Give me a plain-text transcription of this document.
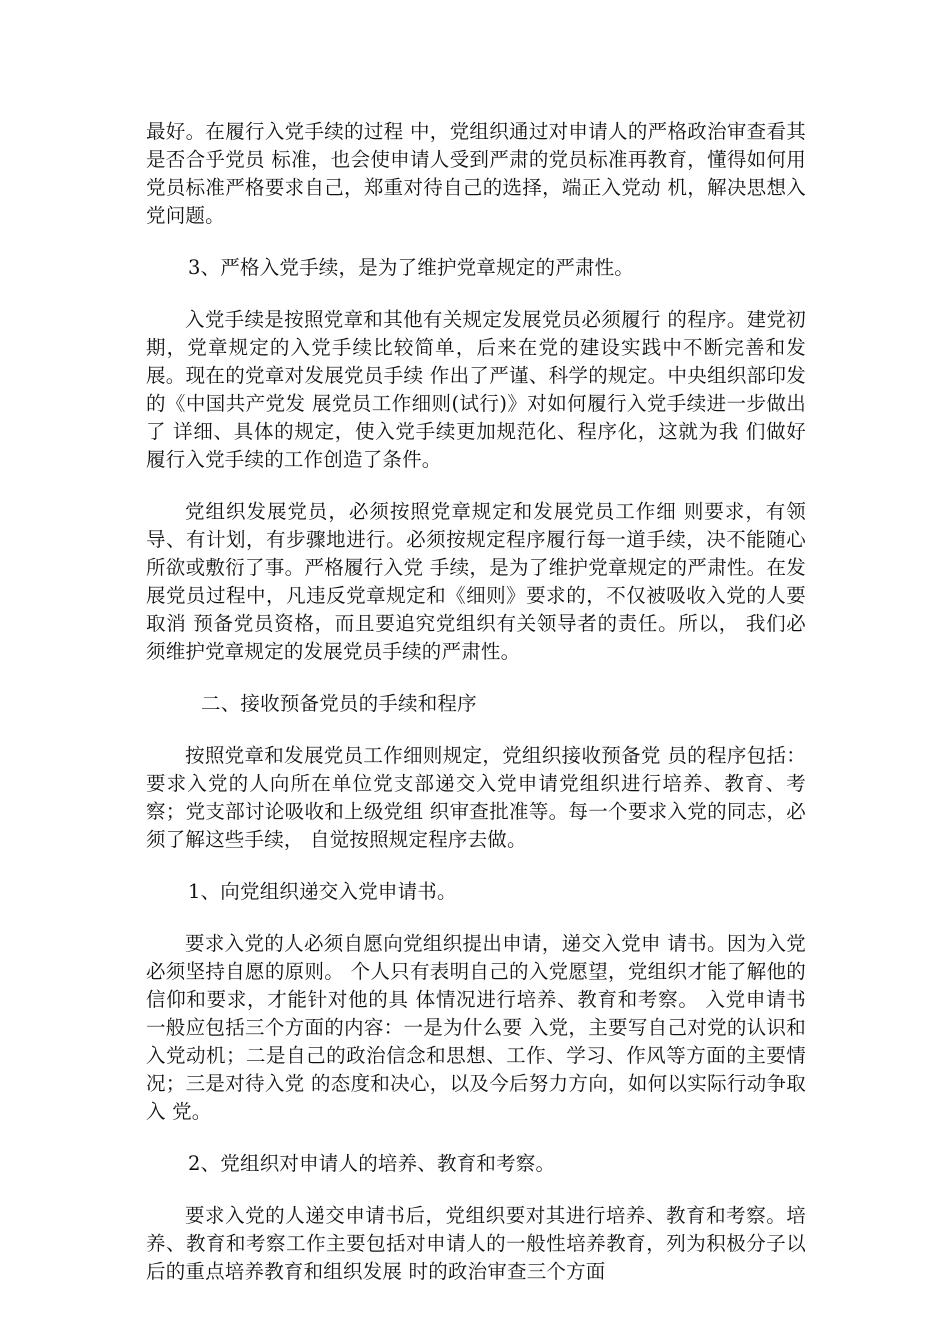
最好。在履行入党手续的过程 中，党组织通过对申请人的严格政治审查看其是否合乎党员 标准，也会使申请人受到严肃的党员标准再教育，懂得如何用党员标准严格要求自己，郑重对待自己的选择，端正入党动 机，解决思想入党问题。

3、严格入党手续，是为了维护党章规定的严肃性。

入党手续是按照党章和其他有关规定发展党员必须履行 的程序。建党初期，党章规定的入党手续比较简单，后来在党的建设实践中不断完善和发展。现在的党章对发展党员手续 作出了严谨、科学的规定。中央组织部印发的《中国共产党发 展党员工作细则(试行)》对如何履行入党手续进一步做出了 详细、具体的规定，使入党手续更加规范化、程序化，这就为我 们做好履行入党手续的工作创造了条件。

党组织发展党员，必须按照党章规定和发展党员工作细 则要求，有领导、有计划，有步骤地进行。必须按规定程序履行每一道手续，决不能随心所欲或敷衍了事。严格履行入党 手续，是为了维护党章规定的严肃性。在发展党员过程中，凡违反党章规定和《细则》要求的，不仅被吸收入党的人要取消 预备党员资格，而且要追究党组织有关领导者的责任。所以， 我们必须维护党章规定的发展党员手续的严肃性。

二、接收预备党员的手续和程序

按照党章和发展党员工作细则规定，党组织接收预备党 员的程序包括：要求入党的人向所在单位党支部递交入党申请党组织进行培养、教育、考察；党支部讨论吸收和上级党组 织审查批准等。每一个要求入党的同志，必须了解这些手续， 自觉按照规定程序去做。

1、向党组织递交入党申请书。

要求入党的人必须自愿向党组织提出申请，递交入党申 请书。因为入党必须坚持自愿的原则。 个人只有表明自己的入党愿望，党组织才能了解他的信仰和要求，才能针对他的具 体情况进行培养、教育和考察。 入党申请书一般应包括三个方面的内容：一是为什么要 入党，主要写自己对党的认识和入党动机；二是自己的政治信念和思想、工作、学习、作风等方面的主要情况；三是对待入党 的态度和决心，以及今后努力方向，如何以实际行动争取入 党。

2、党组织对申请人的培养、教育和考察。

要求入党的人递交申请书后，党组织要对其进行培养、教育和考察。培养、教育和考察工作主要包括对申请人的一般性培养教育，列为积极分子以后的重点培养教育和组织发展 时的政治审查三个方面
